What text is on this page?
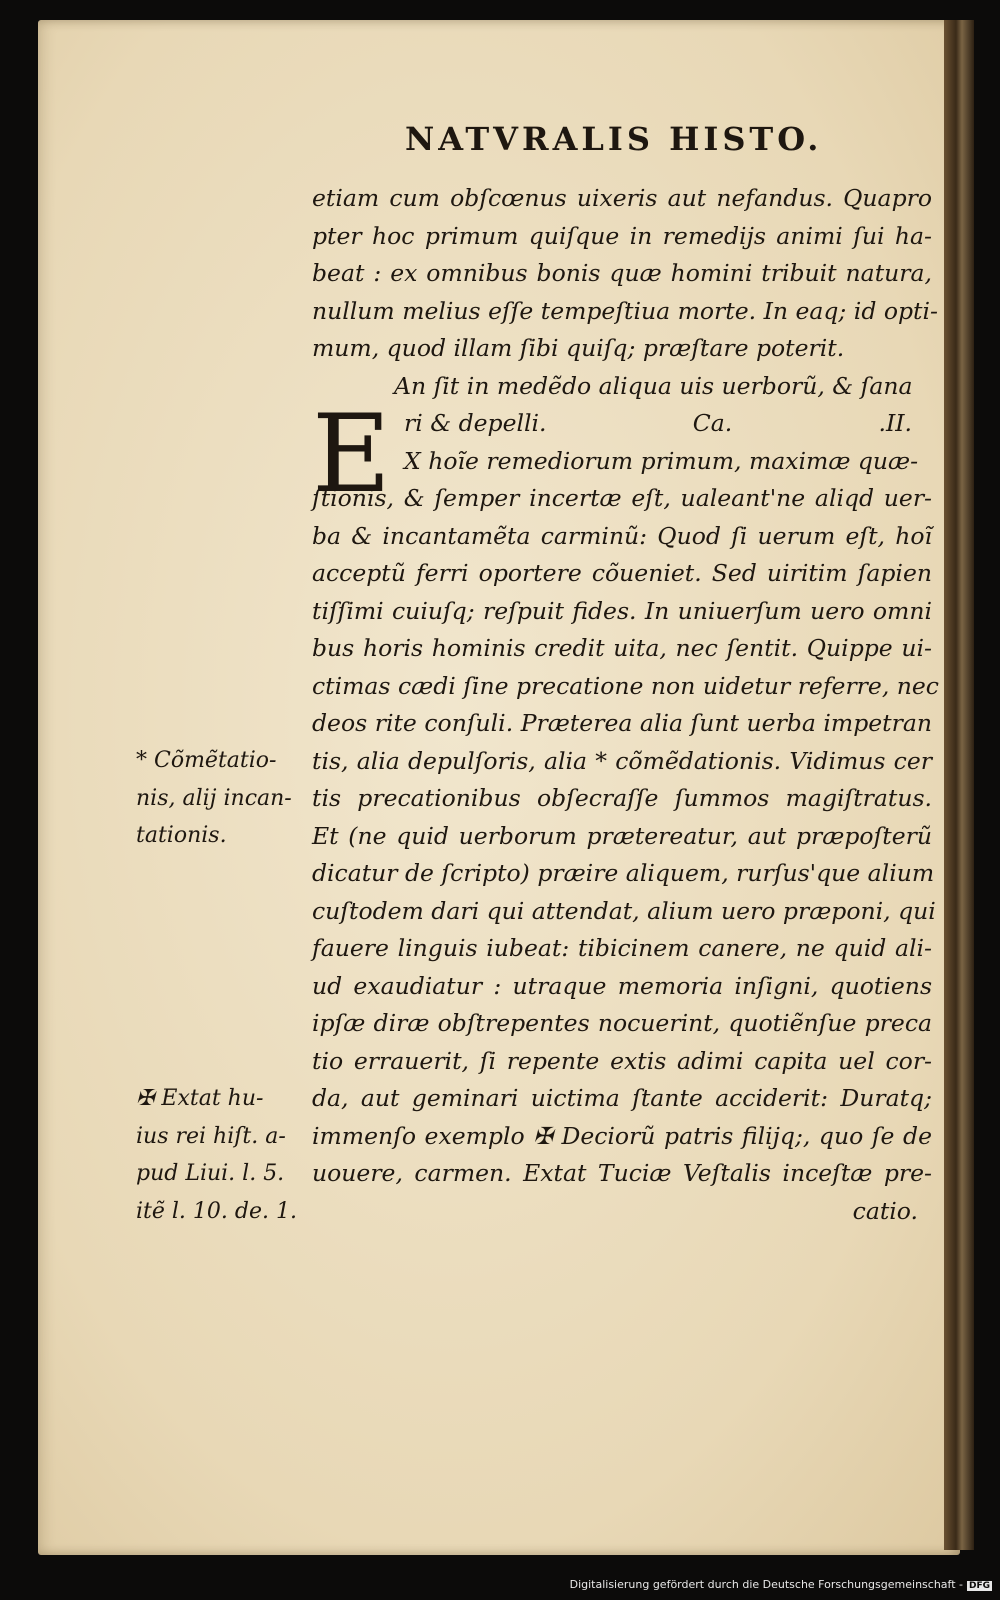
NATVRALIS HISTO.
E
etiam cum obſcœnus uixeris aut nefandus. Quapro
pter hoc primum quiſque in remedijs animi ſui ha-
beat : ex omnibus bonis quæ homini tribuit natura,
nullum melius eſſe tempeſtiua morte. In eaq; id opti-
mum, quod illam ſibi quiſq; præſtare poterit.
An ſit in medẽdo aliqua uis uerborũ, & ſana
ri & depelli.	Ca.	.II.
X hoĩe remediorum primum, maximæ quæ-
ſtionis, & ſemper incertæ eſt, ualeant'ne aliqd uer-
ba & incantamẽta carminũ: Quod ſi uerum eſt, hoĩ
acceptũ ferri oportere cõueniet. Sed uiritim ſapien
tiſſimi cuiuſq; reſpuit fides. In uniuerſum uero omni
bus horis hominis credit uita, nec ſentit. Quippe ui-
ctimas cædi ſine precatione non uidetur referre, nec
deos rite conſuli. Præterea alia ſunt uerba impetran
tis, alia depulſoris, alia * cõmẽdationis. Vidimus cer
tis precationibus obſecraſſe ſummos magiſtratus.
Et (ne quid uerborum prætereatur, aut præpoſterũ
dicatur de ſcripto) præire aliquem, rurſus'que alium
cuſtodem dari qui attendat, alium uero præponi, qui
fauere linguis iubeat: tibicinem canere, ne quid ali-
ud exaudiatur : utraque memoria inſigni, quotiens
ipſæ diræ obſtrepentes nocuerint, quotiẽnſue preca
tio errauerit, ſi repente extis adimi capita uel cor-
da, aut geminari uictima ſtante acciderit: Duratq;
immenſo exemplo ✠ Deciorũ patris filijq;, quo ſe de
uouere, carmen. Extat Tuciæ Veſtalis inceſtæ pre-
catio.
* Cõmẽtatio-
nis, alij incan-
tationis.
✠ Extat hu-
ius rei hiſt. a-
pud Liui. l. 5.
itẽ l. 10. de. 1.
Digitalisierung gefördert durch die Deutsche Forschungsgemeinschaft - DFG
